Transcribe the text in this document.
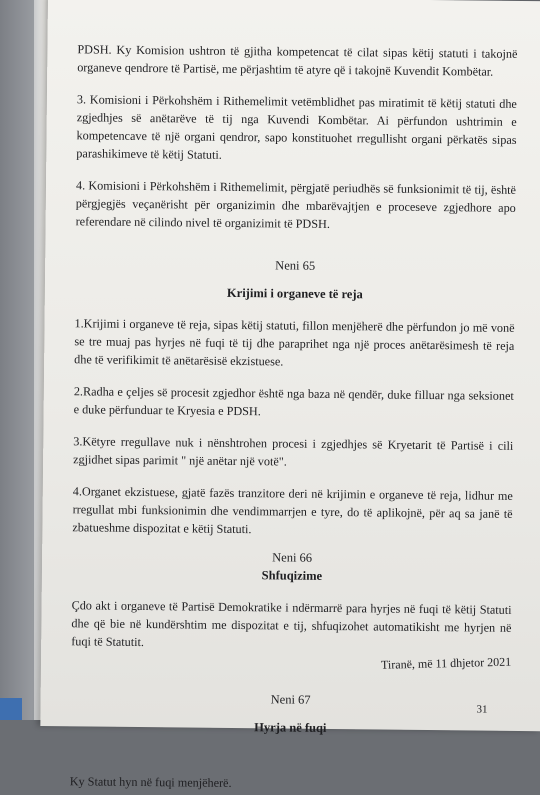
PDSH. Ky Komision ushtron të gjitha kompetencat të cilat sipas këtij statuti i takojnë organeve qendrore të Partisë, me përjashtim të atyre që i takojnë Kuvendit Kombëtar.

3. Komisioni i Përkohshëm i Rithemelimit vetëmblidhet pas miratimit të këtij statuti dhe zgjedhjes së anëtarëve të tij nga Kuvendi Kombëtar. Ai përfundon ushtrimin e kompetencave të një organi qendror, sapo konstituohet rregullisht organi përkatës sipas parashikimeve të këtij Statuti.

4. Komisioni i Përkohshëm i Rithemelimit, përgjatë periudhës së funksionimit të tij, është përgjegjës veçanërisht për organizimin dhe mbarëvajtjen e proceseve zgjedhore apo referendare në cilindo nivel të organizimit të PDSH.

Neni 65

Krijimi i organeve të reja

1.Krijimi i organeve të reja, sipas këtij statuti, fillon menjëherë dhe përfundon jo më vonë se tre muaj pas hyrjes në fuqi të tij dhe paraprihet nga një proces anëtarësimesh të reja dhe të verifikimit të anëtarësisë ekzistuese.

2.Radha e çeljes së procesit zgjedhor është nga baza në qendër, duke filluar nga seksionet e duke përfunduar te Kryesia e PDSH.

3.Këtyre rregullave nuk i nënshtrohen procesi i zgjedhjes së Kryetarit të Partisë i cili zgjidhet sipas parimit " një anëtar një votë".

4.Organet ekzistuese, gjatë fazës tranzitore deri në krijimin e organeve të reja, lidhur me rregullat mbi funksionimin dhe vendimmarrjen e tyre, do të aplikojnë, për aq sa janë të zbatueshme dispozitat e këtij Statuti.

Neni 66

Shfuqizime

Çdo akt i organeve të Partisë Demokratike i ndërmarrë para hyrjes në fuqi të këtij Statuti dhe që bie në kundërshtim me dispozitat e tij, shfuqizohet automatikisht me hyrjen në fuqi të Statutit.

Neni 67

Hyrja në fuqi

Ky Statut hyn në fuqi menjëherë.

Tiranë, më 11 dhjetor 2021
31
